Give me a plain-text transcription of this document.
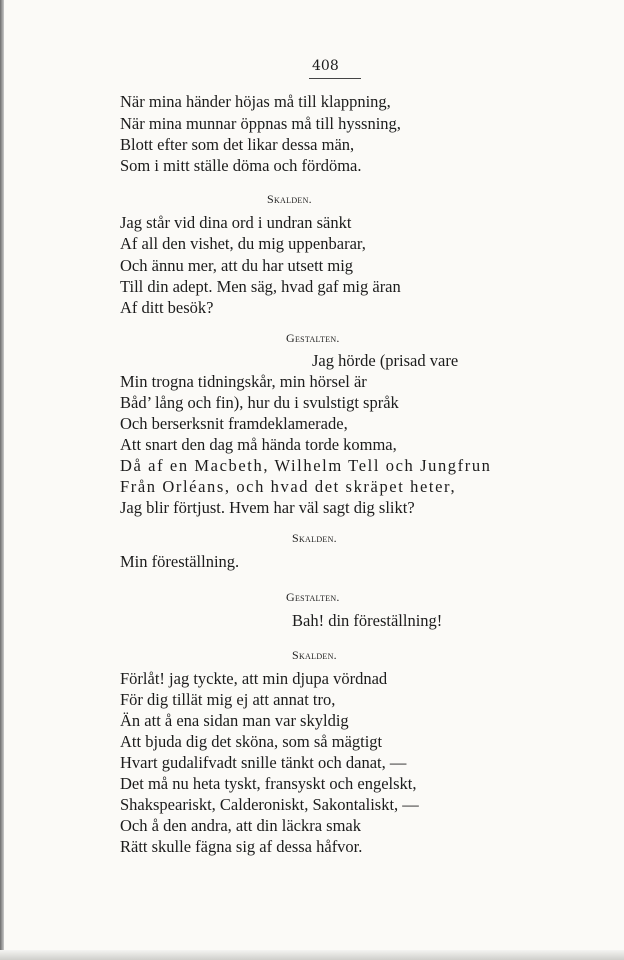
408
När mina händer höjas må till klappning,
När mina munnar öppnas må till hyssning,
Blott efter som det likar dessa män,
Som i mitt ställe döma och fördöma.
Skalden.
Jag står vid dina ord i undran sänkt
Af all den vishet, du mig uppenbarar,
Och ännu mer, att du har utsett mig
Till din adept. Men säg, hvad gaf mig äran
Af ditt besök?
Gestalten.
Jag hörde (prisad vare
Min trogna tidningskår, min hörsel är
Båd’ lång och fin), hur du i svulstigt språk
Och berserksnit framdeklamerade,
Att snart den dag må hända torde komma,
Då af en Macbeth, Wilhelm Tell och Jungfrun
Från Orléans, och hvad det skräpet heter,
Jag blir förtjust. Hvem har väl sagt dig slikt?
Skalden.
Min föreställning.
Gestalten.
Bah! din föreställning!
Skalden.
Förlåt! jag tyckte, att min djupa vördnad
För dig tillät mig ej att annat tro,
Än att å ena sidan man var skyldig
Att bjuda dig det sköna, som så mägtigt
Hvart gudalifvadt snille tänkt och danat, —
Det må nu heta tyskt, fransyskt och engelskt,
Shakspeariskt, Calderoniskt, Sakontaliskt, —
Och å den andra, att din läckra smak
Rätt skulle fägna sig af dessa håfvor.
